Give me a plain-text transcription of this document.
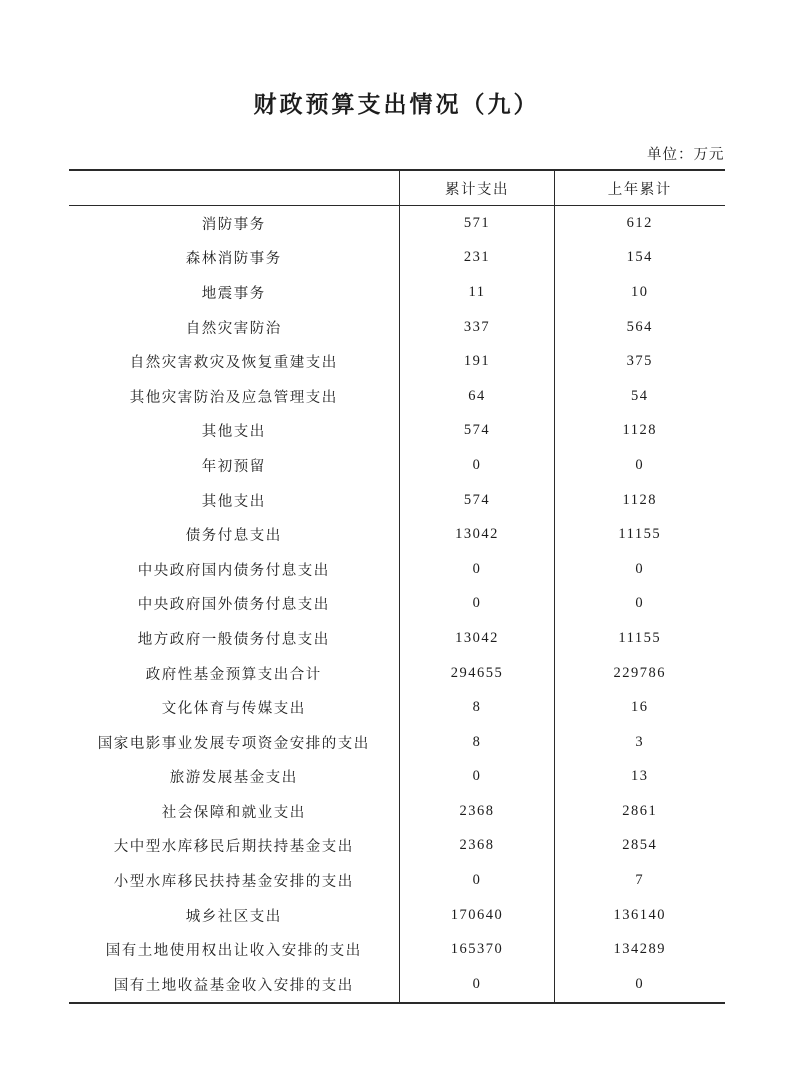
财政预算支出情况（九）
单位：万元
	累计支出	上年累计
消防事务	571	612
森林消防事务	231	154
地震事务	11	10
自然灾害防治	337	564
自然灾害救灾及恢复重建支出	191	375
其他灾害防治及应急管理支出	64	54
其他支出	574	1128
年初预留	0	0
其他支出	574	1128
债务付息支出	13042	11155
中央政府国内债务付息支出	0	0
中央政府国外债务付息支出	0	0
地方政府一般债务付息支出	13042	11155
政府性基金预算支出合计	294655	229786
文化体育与传媒支出	8	16
国家电影事业发展专项资金安排的支出	8	3
旅游发展基金支出	0	13
社会保障和就业支出	2368	2861
大中型水库移民后期扶持基金支出	2368	2854
小型水库移民扶持基金安排的支出	0	7
城乡社区支出	170640	136140
国有土地使用权出让收入安排的支出	165370	134289
国有土地收益基金收入安排的支出	0	0
